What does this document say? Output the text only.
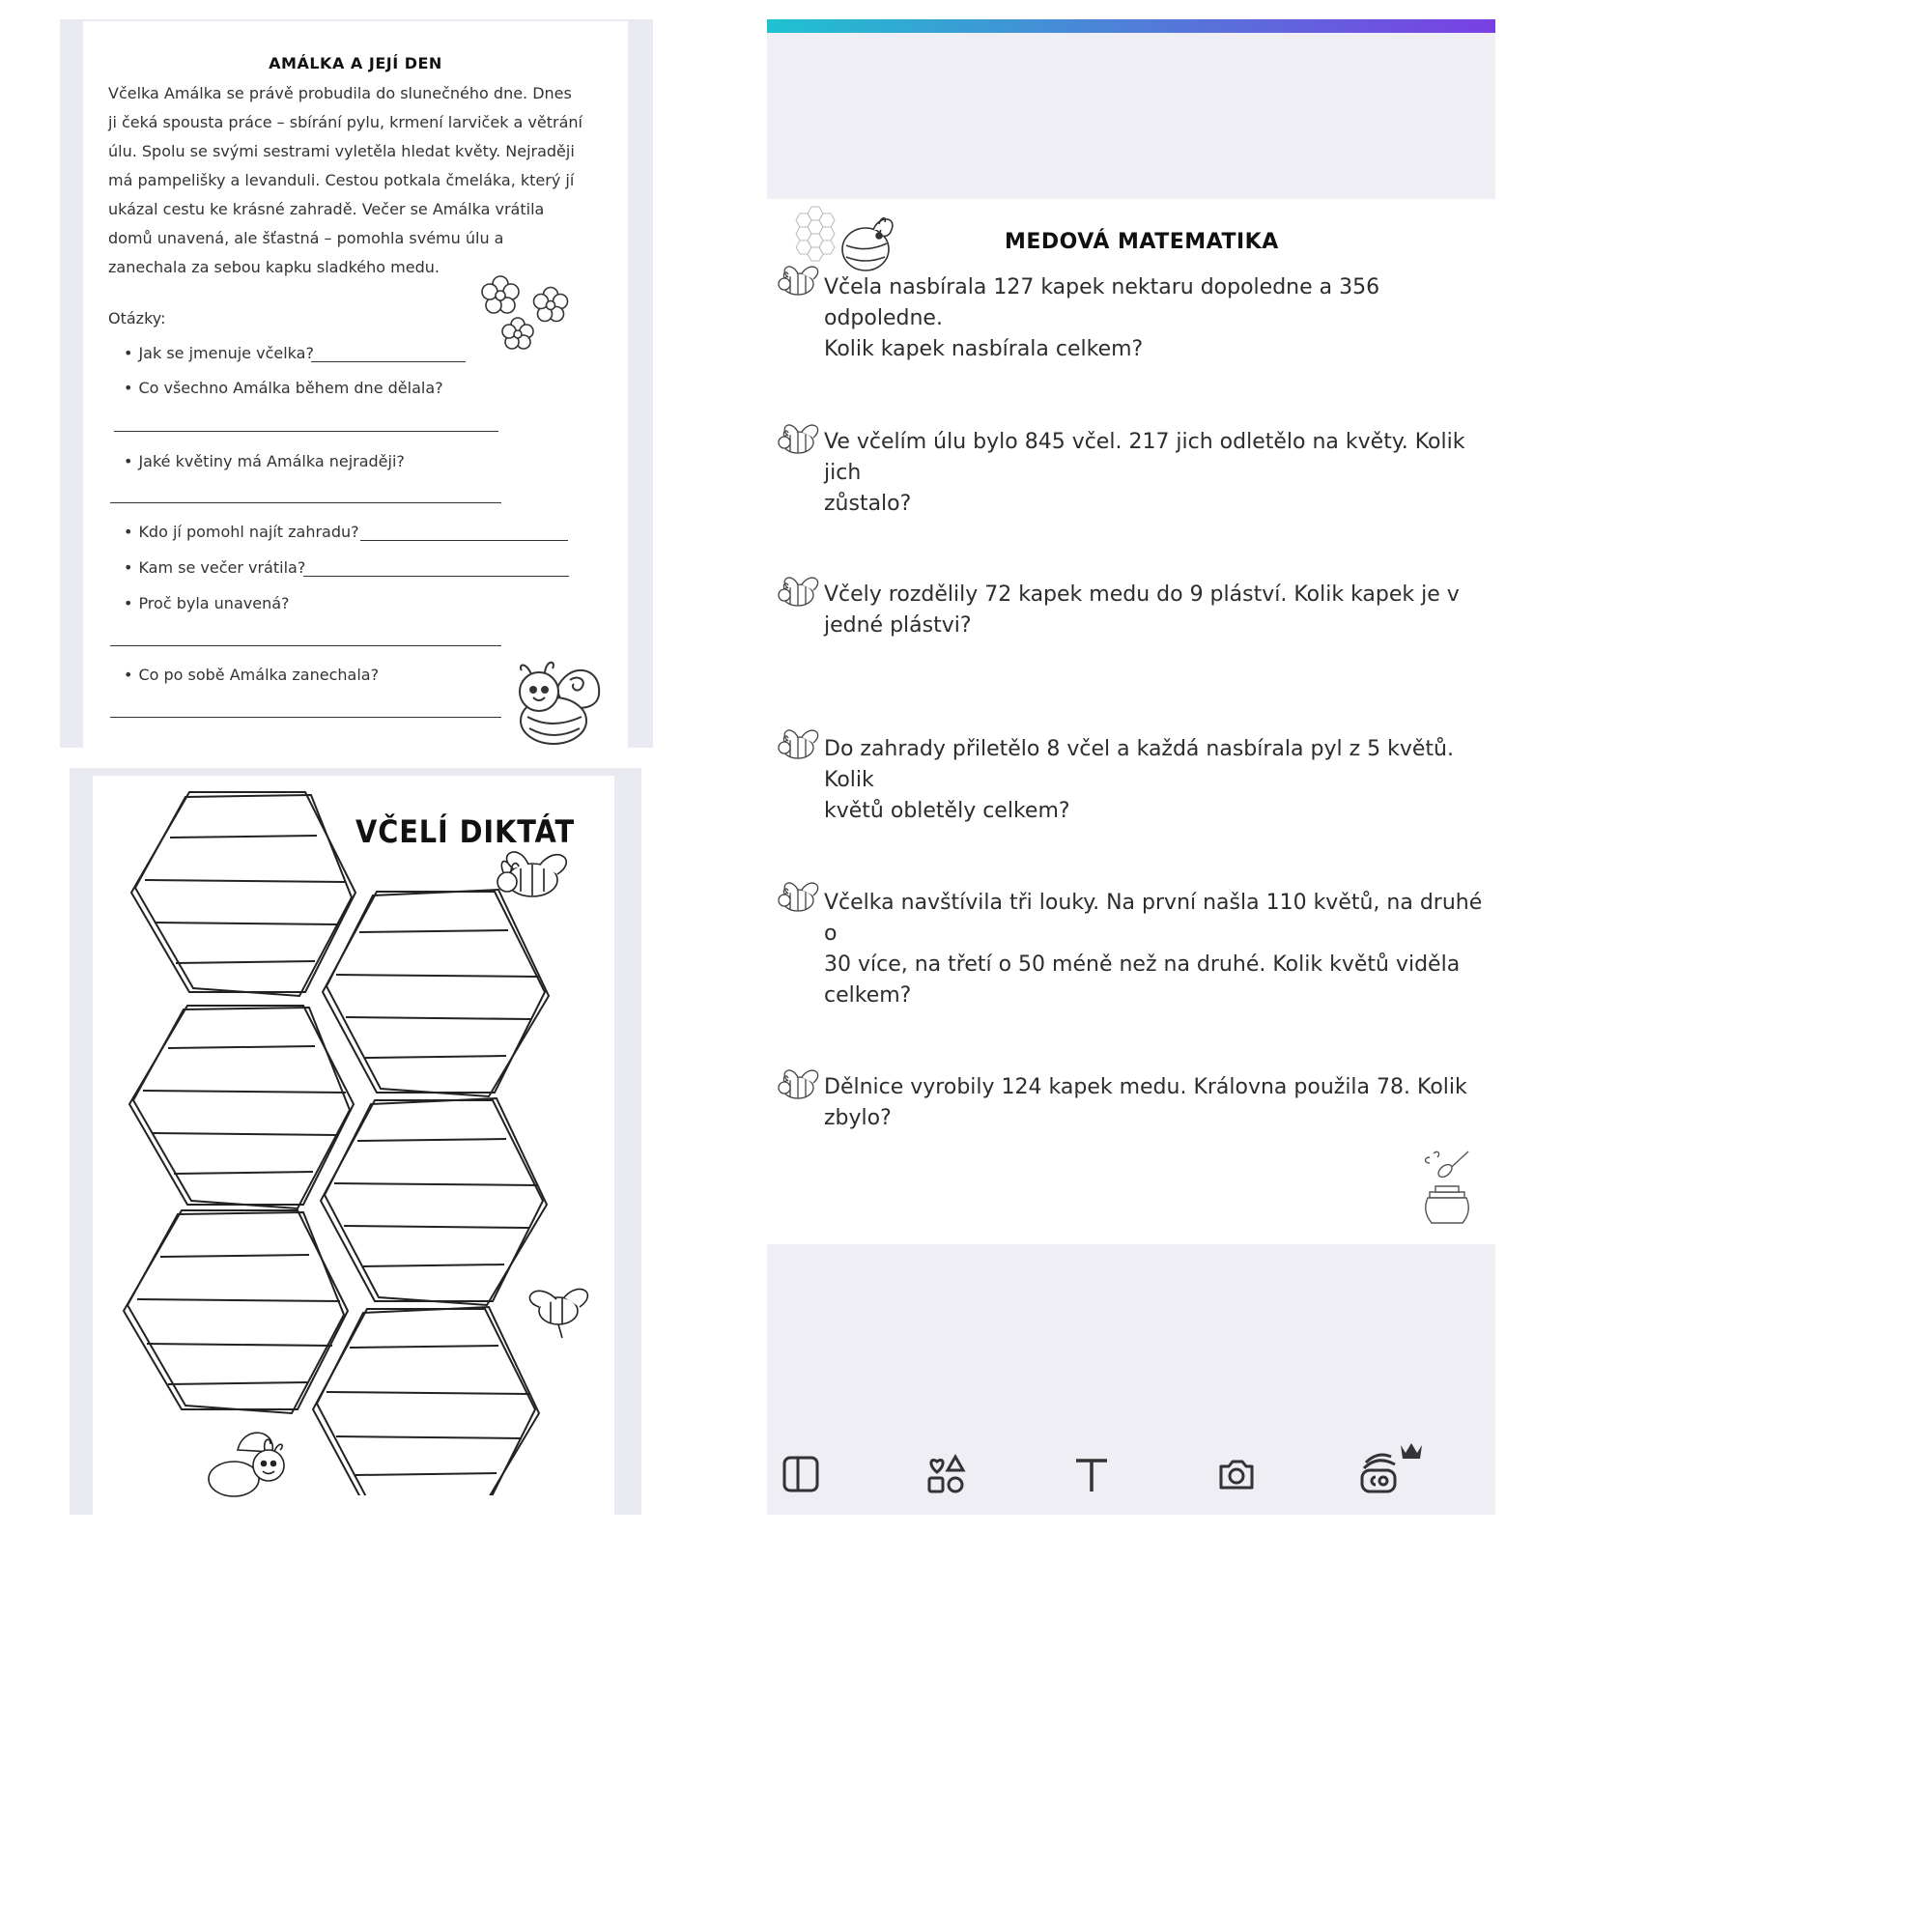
AMÁLKA A JEJÍ DEN

Včelka Amálka se právě probudila do slunečného dne. Dnes
ji čeká spousta práce – sbírání pylu, krmení larviček a větrání
úlu. Spolu se svými sestrami vyletěla hledat květy. Nejraději
má pampelišky a levanduli. Cestou potkala čmeláka, který jí
ukázal cestu ke krásné zahradě. Večer se Amálka vrátila
domů unavená, ale šťastná – pomohla svému úlu a
zanechala za sebou kapku sladkého medu.

Otázky:
• Jak se jmenuje včelka?
• Co všechno Amálka během dne dělala?
• Jaké květiny má Amálka nejraději?
• Kdo jí pomohl najít zahradu?
• Kam se večer vrátila?
• Proč byla unavená?
• Co po sobě Amálka zanechala?
VČELÍ DIKTÁT
MEDOVÁ MATEMATIKA

Včela nasbírala 127 kapek nektaru dopoledne a 356 odpoledne.
Kolik kapek nasbírala celkem?

Ve včelím úlu bylo 845 včel. 217 jich odletělo na květy. Kolik jich
zůstalo?

Včely rozdělily 72 kapek medu do 9 pláství. Kolik kapek je v
jedné plástvi?

Do zahrady přiletělo 8 včel a každá nasbírala pyl z 5 květů. Kolik
květů obletěly celkem?

Včelka navštívila tři louky. Na první našla 110 květů, na druhé o
30 více, na třetí o 50 méně než na druhé. Kolik květů viděla
celkem?

Dělnice vyrobily 124 kapek medu. Královna použila 78. Kolik
zbylo?
